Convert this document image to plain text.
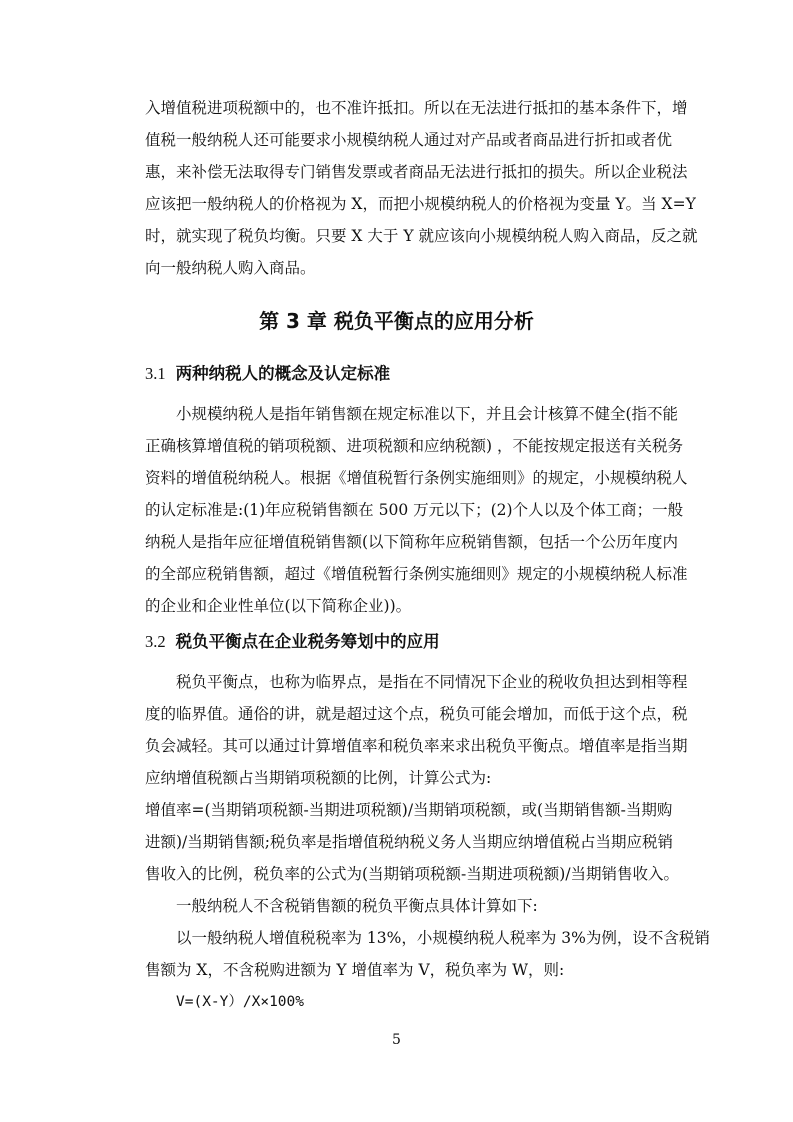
入增值税进项税额中的，也不准许抵扣。所以在无法进行抵扣的基本条件下，增
值税一般纳税人还可能要求小规模纳税人通过对产品或者商品进行折扣或者优
惠，来补偿无法取得专门销售发票或者商品无法进行抵扣的损失。所以企业税法
应该把一般纳税人的价格视为 X，而把小规模纳税人的价格视为变量 Y。当 X=Y
时，就实现了税负均衡。只要 X 大于 Y 就应该向小规模纳税人购入商品，反之就
向一般纳税人购入商品。
第 3 章 税负平衡点的应用分析
3.1 两种纳税人的概念及认定标准
小规模纳税人是指年销售额在规定标准以下，并且会计核算不健全(指不能
正确核算增值税的销项税额、进项税额和应纳税额) ，不能按规定报送有关税务
资料的增值税纳税人。根据《增值税暂行条例实施细则》的规定，小规模纳税人
的认定标准是:(1)年应税销售额在 500 万元以下；(2)个人以及个体工商；一般
纳税人是指年应征增值税销售额(以下简称年应税销售额，包括一个公历年度内
的全部应税销售额，超过《增值税暂行条例实施细则》规定的小规模纳税人标准
的企业和企业性单位(以下简称企业))。
3.2 税负平衡点在企业税务筹划中的应用
税负平衡点，也称为临界点，是指在不同情况下企业的税收负担达到相等程
度的临界值。通俗的讲，就是超过这个点，税负可能会增加，而低于这个点，税
负会减轻。其可以通过计算增值率和税负率来求出税负平衡点。增值率是指当期
应纳增值税额占当期销项税额的比例，计算公式为:
增值率=(当期销项税额-当期进项税额)/当期销项税额，或(当期销售额-当期购
进额)/当期销售额;税负率是指增值税纳税义务人当期应纳增值税占当期应税销
售收入的比例，税负率的公式为(当期销项税额-当期进项税额)/当期销售收入。
一般纳税人不含税销售额的税负平衡点具体计算如下:
以一般纳税人增值税税率为 13%，小规模纳税人税率为 3%为例，设不含税销
售额为 X，不含税购进额为 Y 增值率为 V，税负率为 W，则:
V=(X-Y）/X×100%
5
